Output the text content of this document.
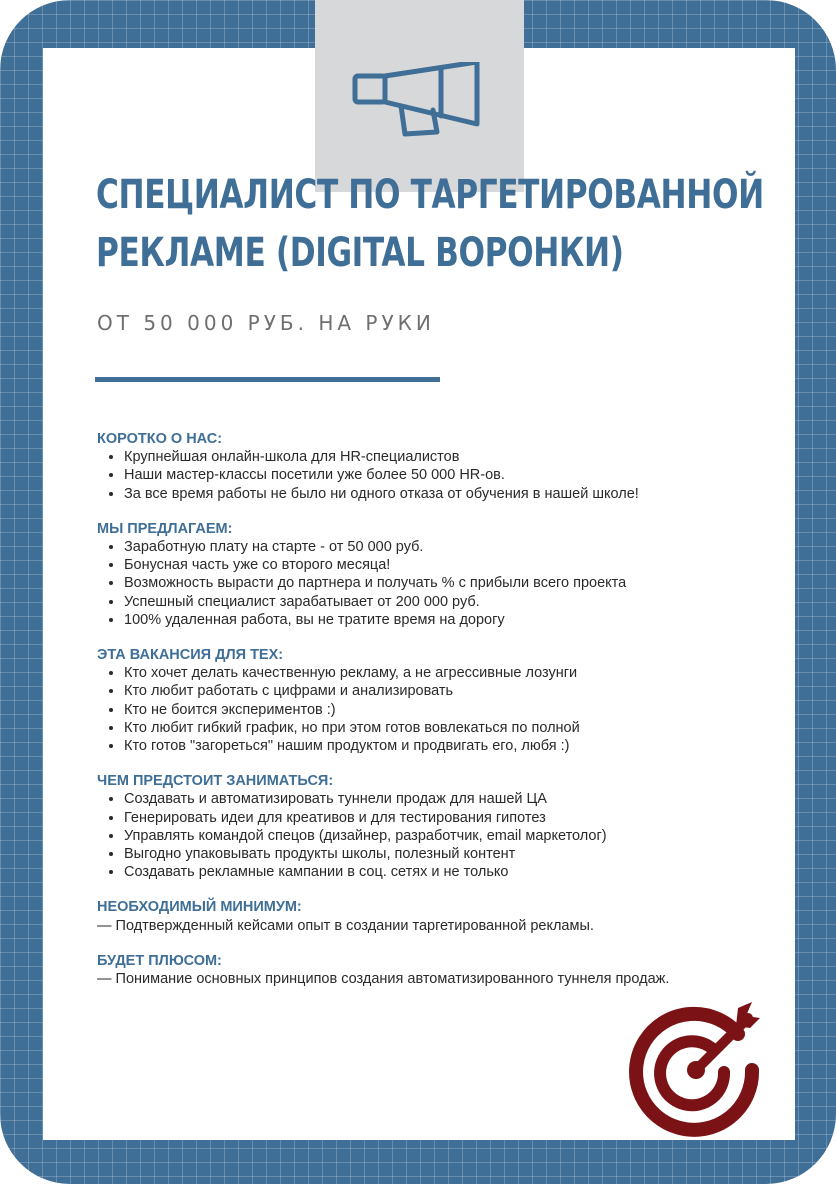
СПЕЦИАЛИСТ ПО ТАРГЕТИРОВАННОЙ
РЕКЛАМЕ (DIGITAL ВОРОНКИ)

ОТ 50 000 РУБ. НА РУКИ

КОРОТКО О НАС:
• Крупнейшая онлайн-школа для HR-специалистов
• Наши мастер-классы посетили уже более 50 000 HR-ов.
• За все время работы не было ни одного отказа от обучения в нашей школе!
МЫ ПРЕДЛАГАЕМ:
• Заработную плату на старте - от 50 000 руб.
• Бонусная часть уже со второго месяца!
• Возможность вырасти до партнера и получать % с прибыли всего проекта
• Успешный специалист зарабатывает от 200 000 руб.
• 100% удаленная работа, вы не тратите время на дорогу
ЭТА ВАКАНСИЯ ДЛЯ ТЕХ:
• Кто хочет делать качественную рекламу, а не агрессивные лозунги
• Кто любит работать с цифрами и анализировать
• Кто не боится экспериментов :)
• Кто любит гибкий график, но при этом готов вовлекаться по полной
• Кто готов "загореться" нашим продуктом и продвигать его, любя :)
ЧЕМ ПРЕДСТОИТ ЗАНИМАТЬСЯ:
• Создавать и автоматизировать туннели продаж для нашей ЦА
• Генерировать идеи для креативов и для тестирования гипотез
• Управлять командой спецов (дизайнер, разработчик, email маркетолог)
• Выгодно упаковывать продукты школы, полезный контент
• Создавать рекламные кампании в соц. сетях и не только
НЕОБХОДИМЫЙ МИНИМУМ:

— Подтвержденный кейсами опыт в создании таргетированной рекламы.

БУДЕТ ПЛЮСОМ:

— Понимание основных принципов создания автоматизированного туннеля продаж.
